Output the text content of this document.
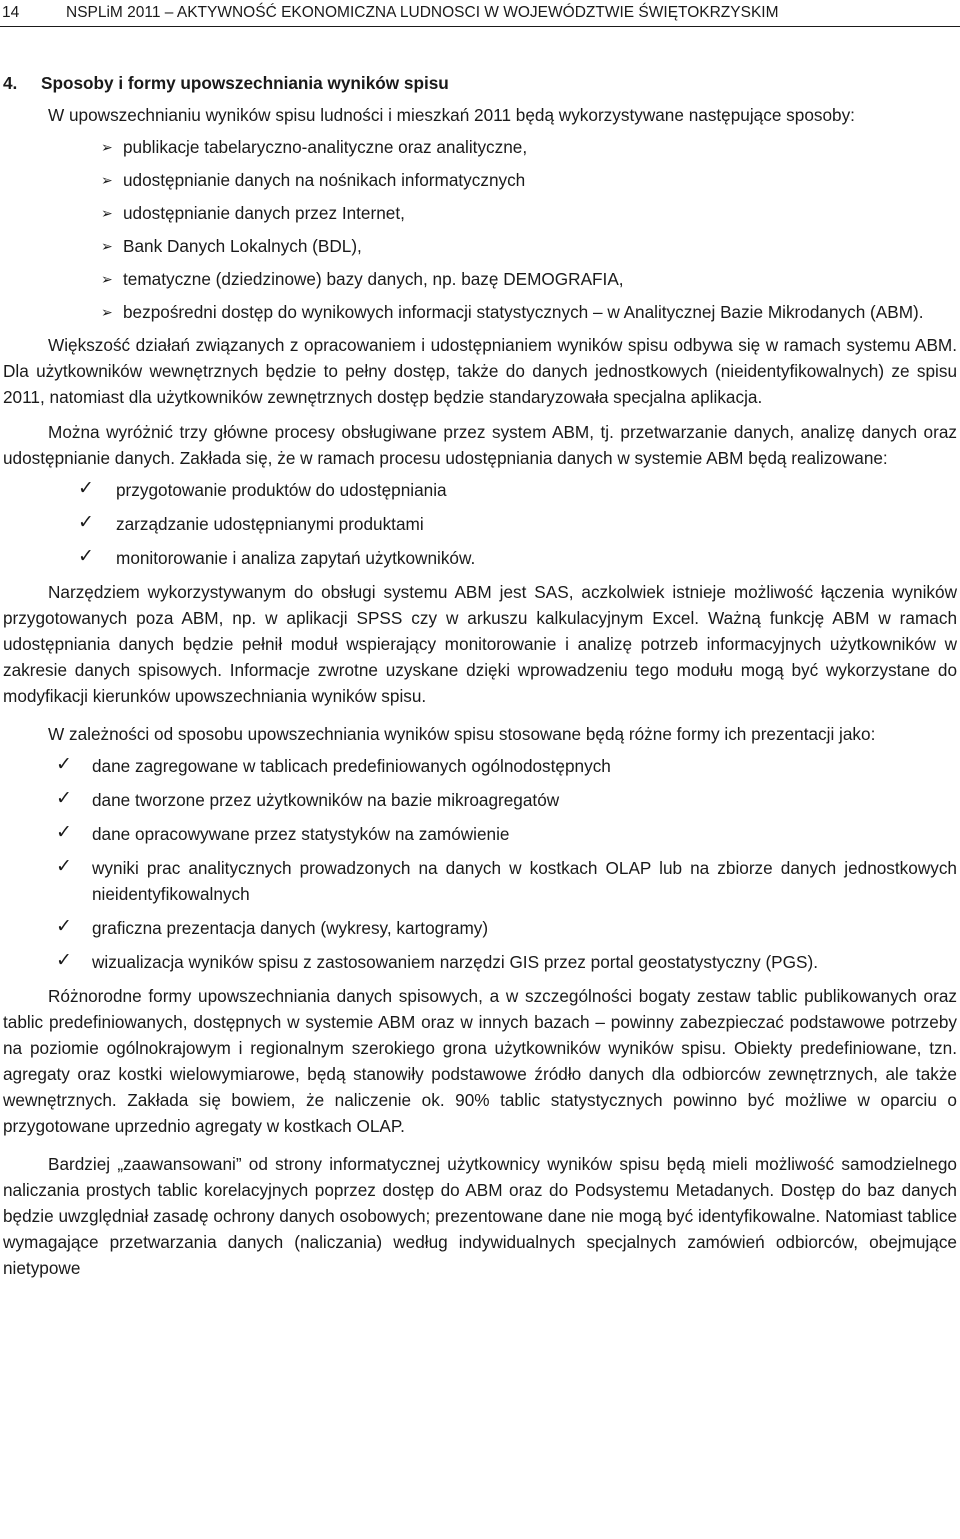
14	NSPLiM 2011 – AKTYWNOŚĆ EKONOMICZNA LUDNOSCI W WOJEWÓDZTWIE ŚWIĘTOKRZYSKIM
4. Sposoby i formy upowszechniania wyników spisu

W upowszechnianiu wyników spisu ludności i mieszkań 2011 będą wykorzystywane następujące sposoby:

➢ publikacje tabelaryczno-analityczne oraz analityczne,
➢ udostępnianie danych na nośnikach informatycznych
➢ udostępnianie danych przez Internet,
➢ Bank Danych Lokalnych (BDL),
➢ tematyczne (dziedzinowe) bazy danych, np. bazę DEMOGRAFIA,
➢ bezpośredni dostęp do wynikowych informacji statystycznych – w Analitycznej Bazie Mikrodanych (ABM).

Większość działań związanych z opracowaniem i udostępnianiem wyników spisu odbywa się w ramach systemu ABM. Dla użytkowników wewnętrznych będzie to pełny dostęp, także do danych jednostkowych (nieidentyfikowalnych) ze spisu 2011, natomiast dla użytkowników zewnętrznych dostęp będzie standaryzowała specjalna aplikacja.

Można wyróżnić trzy główne procesy obsługiwane przez system ABM, tj. przetwarzanie danych, analizę danych oraz udostępnianie danych. Zakłada się, że w ramach procesu udostępniania danych w systemie ABM będą realizowane:

✓ przygotowanie produktów do udostępniania
✓ zarządzanie udostępnianymi produktami
✓ monitorowanie i analiza zapytań użytkowników.

Narzędziem wykorzystywanym do obsługi systemu ABM jest SAS, aczkolwiek istnieje możliwość łączenia wyników przygotowanych poza ABM, np. w aplikacji SPSS czy w arkuszu kalkulacyjnym Excel. Ważną funkcję ABM w ramach udostępniania danych będzie pełnił moduł wspierający monitorowanie i analizę potrzeb informacyjnych użytkowników w zakresie danych spisowych. Informacje zwrotne uzyskane dzięki wprowadzeniu tego modułu mogą być wykorzystane do modyfikacji kierunków upowszechniania wyników spisu.

W zależności od sposobu upowszechniania wyników spisu stosowane będą różne formy ich prezentacji jako:

✓ dane zagregowane w tablicach predefiniowanych ogólnodostępnych
✓ dane tworzone przez użytkowników na bazie mikroagregatów
✓ dane opracowywane przez statystyków na zamówienie
✓ wyniki prac analitycznych prowadzonych na danych w kostkach OLAP lub na zbiorze danych jednostkowych nieidentyfikowalnych
✓ graficzna prezentacja danych (wykresy, kartogramy)
✓ wizualizacja wyników spisu z zastosowaniem narzędzi GIS przez portal geostatystyczny (PGS).

Różnorodne formy upowszechniania danych spisowych, a w szczególności bogaty zestaw tablic publikowanych oraz tablic predefiniowanych, dostępnych w systemie ABM oraz w innych bazach – powinny zabezpieczać podstawowe potrzeby na poziomie ogólnokrajowym i regionalnym szerokiego grona użytkowników wyników spisu. Obiekty predefiniowane, tzn. agregaty oraz kostki wielowymiarowe, będą stanowiły podstawowe źródło danych dla odbiorców zewnętrznych, ale także wewnętrznych. Zakłada się bowiem, że naliczenie ok. 90% tablic statystycznych powinno być możliwe w oparciu o przygotowane uprzednio agregaty w kostkach OLAP.

Bardziej „zaawansowani” od strony informatycznej użytkownicy wyników spisu będą mieli możliwość samodzielnego naliczania prostych tablic korelacyjnych poprzez dostęp do ABM oraz do Podsystemu Metadanych. Dostęp do baz danych będzie uwzględniał zasadę ochrony danych osobowych; prezentowane dane nie mogą być identyfikowalne. Natomiast tablice wymagające przetwarzania danych (naliczania) według indywidualnych specjalnych zamówień odbiorców, obejmujące nietypowe
